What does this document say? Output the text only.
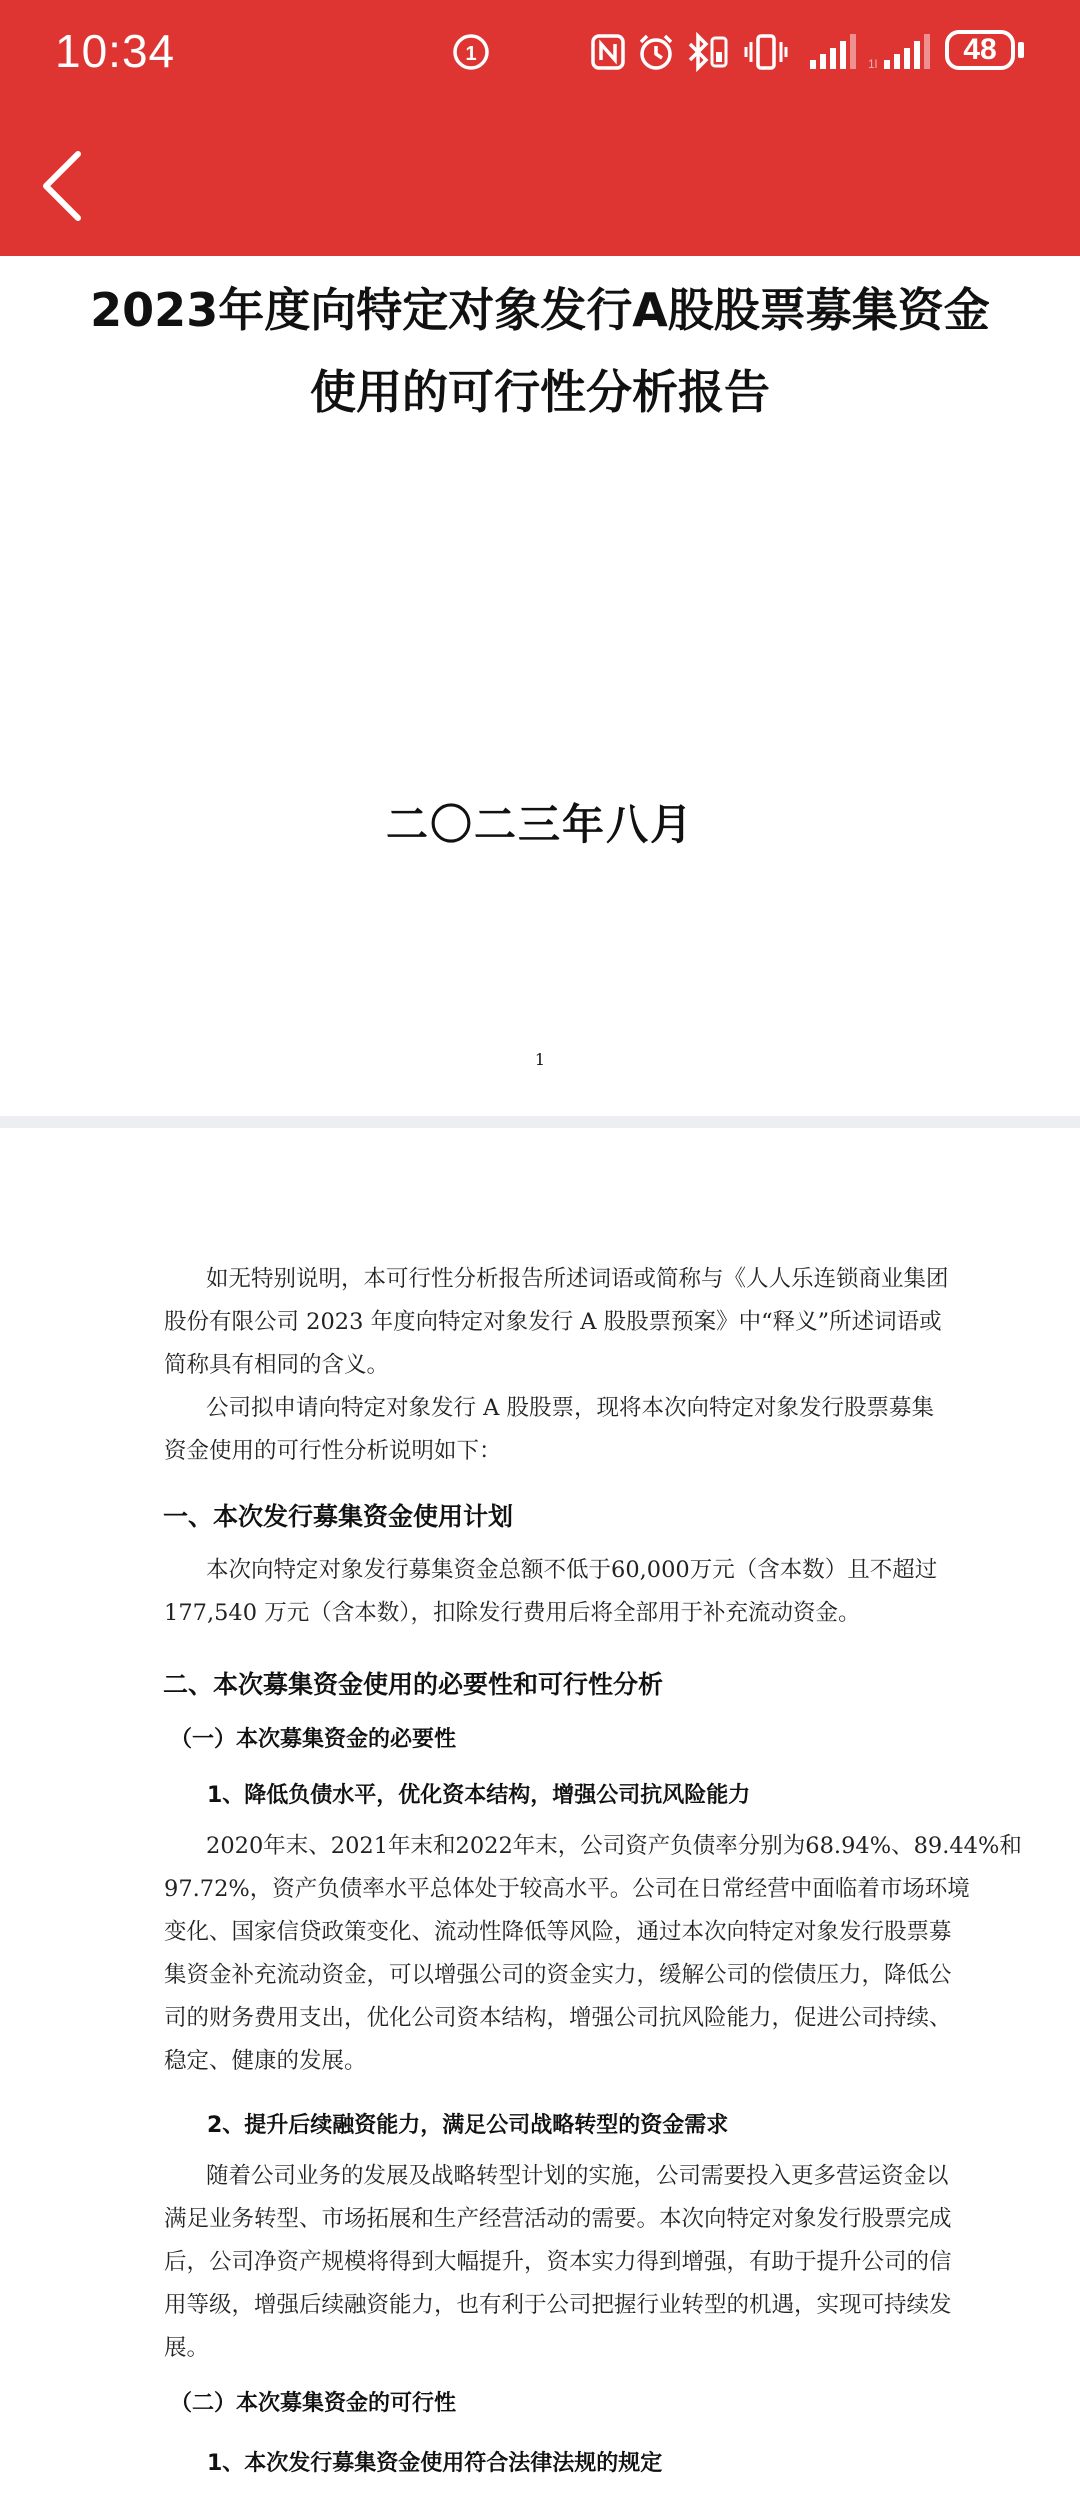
10:34	1	1l	48
2023年度向特定对象发行A股股票募集资金
使用的可行性分析报告
二〇二三年八月
1
如无特别说明，本可行性分析报告所述词语或简称与《人人乐连锁商业集团
股份有限公司 2023 年度向特定对象发行 A 股股票预案》中“释义”所述词语或
简称具有相同的含义。
公司拟申请向特定对象发行 A 股股票，现将本次向特定对象发行股票募集
资金使用的可行性分析说明如下：
一、本次发行募集资金使用计划
本次向特定对象发行募集资金总额不低于60,000万元（含本数）且不超过
177,540 万元（含本数），扣除发行费用后将全部用于补充流动资金。
二、本次募集资金使用的必要性和可行性分析
（一）本次募集资金的必要性
1、降低负债水平，优化资本结构，增强公司抗风险能力
2020年末、2021年末和2022年末，公司资产负债率分别为68.94%、89.44%和
97.72%，资产负债率水平总体处于较高水平。公司在日常经营中面临着市场环境
变化、国家信贷政策变化、流动性降低等风险，通过本次向特定对象发行股票募
集资金补充流动资金，可以增强公司的资金实力，缓解公司的偿债压力，降低公
司的财务费用支出，优化公司资本结构，增强公司抗风险能力，促进公司持续、
稳定、健康的发展。
2、提升后续融资能力，满足公司战略转型的资金需求
随着公司业务的发展及战略转型计划的实施，公司需要投入更多营运资金以
满足业务转型、市场拓展和生产经营活动的需要。本次向特定对象发行股票完成
后，公司净资产规模将得到大幅提升，资本实力得到增强，有助于提升公司的信
用等级，增强后续融资能力，也有利于公司把握行业转型的机遇，实现可持续发
展。
（二）本次募集资金的可行性
1、本次发行募集资金使用符合法律法规的规定
